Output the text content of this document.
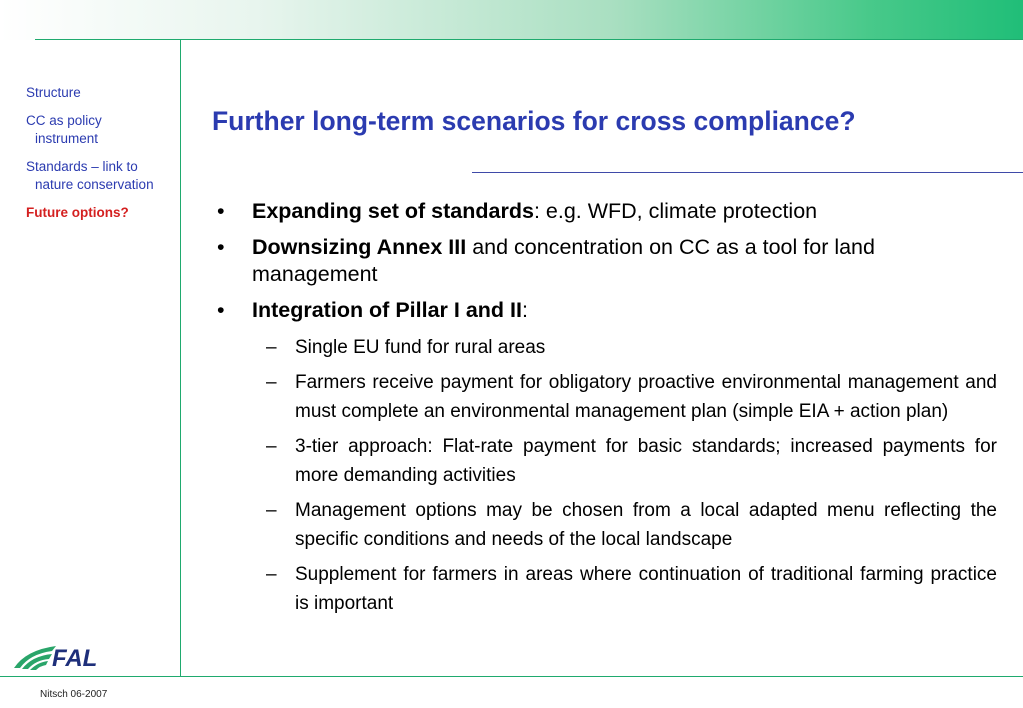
Structure
CC as policy
instrument
Standards – link to
nature conservation
Future options?
FAL
Nitsch 06-2007
Further long-term scenarios for cross compliance?
• Expanding set of standards: e.g. WFD, climate protection
• Downsizing Annex III and concentration on CC as a tool for land management
• Integration of Pillar I and II:
– Single EU fund for rural areas
– Farmers receive payment for obligatory proactive environmental management and must complete an environmental management plan (simple EIA + action plan)
– 3-tier approach: Flat-rate payment for basic standards; increased payments for more demanding activities
– Management options may be chosen from a local adapted menu reflecting the specific conditions and needs of the local landscape
– Supplement for farmers in areas where continuation of traditional farming practice is important
